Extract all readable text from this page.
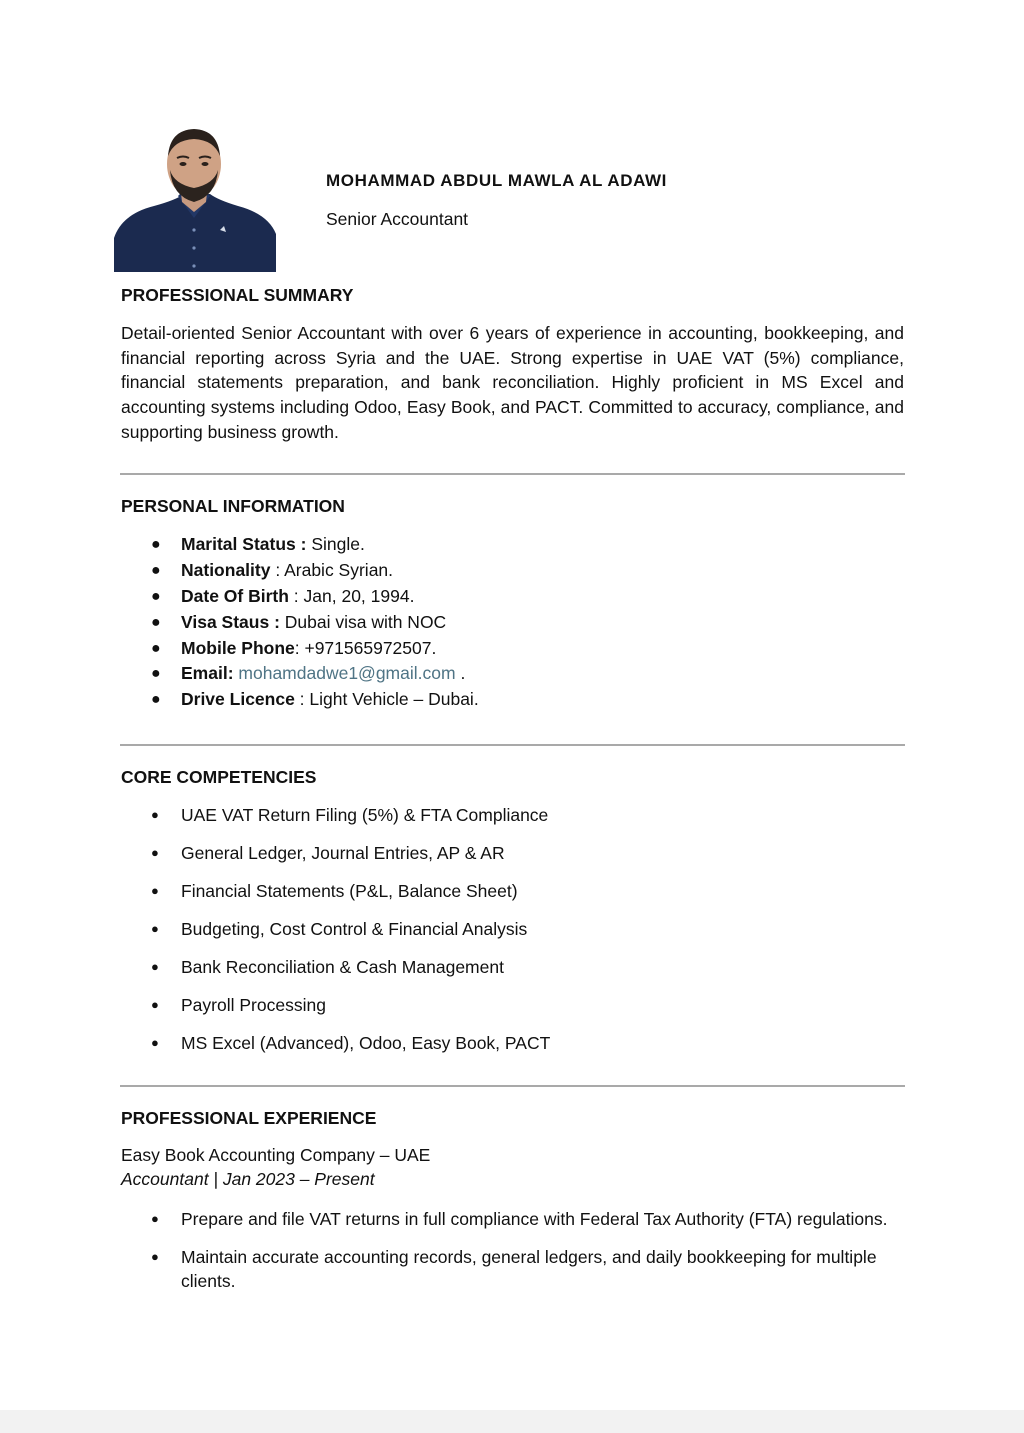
MOHAMMAD ABDUL MAWLA AL ADAWI
Senior Accountant
PROFESSIONAL SUMMARY
Detail-oriented Senior Accountant with over 6 years of experience in accounting, bookkeeping, and financial reporting across Syria and the UAE. Strong expertise in UAE VAT (5%) compliance, financial statements preparation, and bank reconciliation. Highly proficient in MS Excel and accounting systems including Odoo, Easy Book, and PACT. Committed to accuracy, compliance, and supporting business growth.
PERSONAL INFORMATION
● Marital Status : Single.
● Nationality : Arabic Syrian.
● Date Of Birth : Jan, 20, 1994.
● Visa Staus : Dubai visa with NOC
● Mobile Phone: +971565972507.
● Email: mohamdadwe1@gmail.com .
● Drive Licence : Light Vehicle – Dubai.
CORE COMPETENCIES
● UAE VAT Return Filing (5%) & FTA Compliance
● General Ledger, Journal Entries, AP & AR
● Financial Statements (P&L, Balance Sheet)
● Budgeting, Cost Control & Financial Analysis
● Bank Reconciliation & Cash Management
● Payroll Processing
● MS Excel (Advanced), Odoo, Easy Book, PACT
PROFESSIONAL EXPERIENCE
Easy Book Accounting Company – UAE
Accountant | Jan 2023 – Present
● Prepare and file VAT returns in full compliance with Federal Tax Authority (FTA) regulations.
● Maintain accurate accounting records, general ledgers, and daily bookkeeping for multiple clients.
